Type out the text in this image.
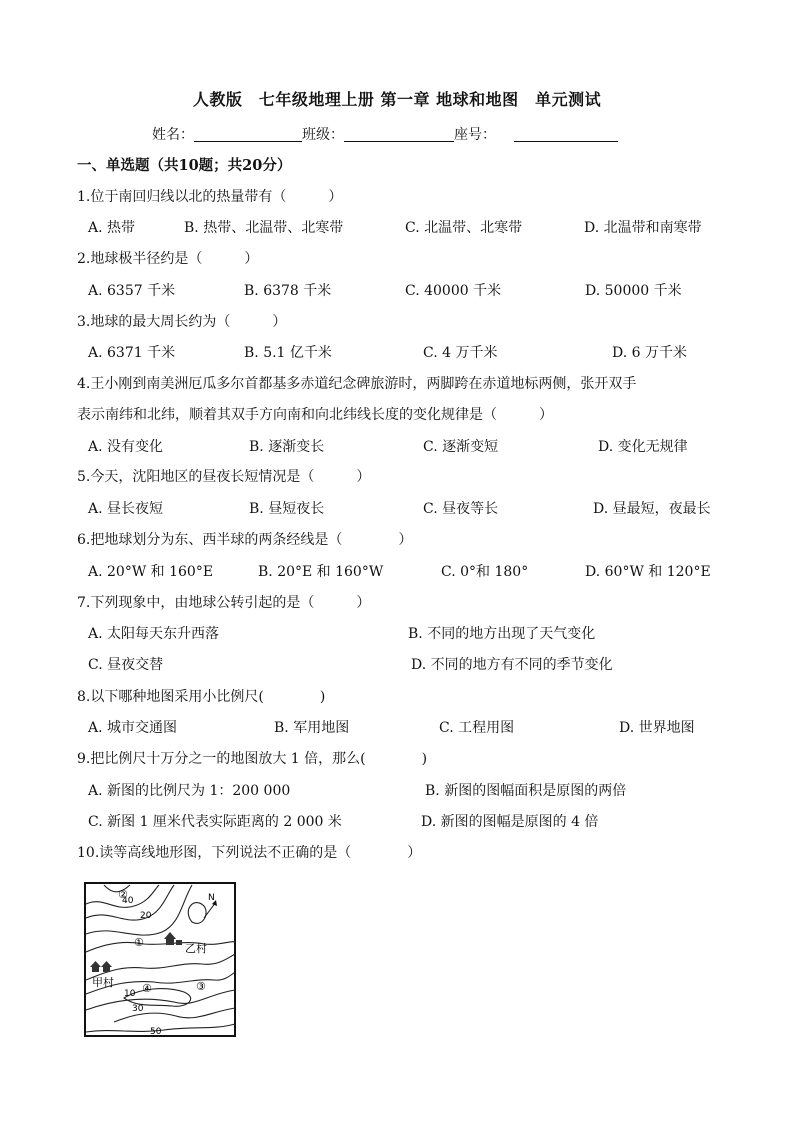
人教版　七年级地理上册 第一章 地球和地图　单元测试
姓名：	班级：	座号：
一、单选题（共10题；共20分）
1.位于南回归线以北的热量带有（　　　）
A. 热带	B. 热带、北温带、北寒带	C. 北温带、北寒带	D. 北温带和南寒带
2.地球极半径约是（　　　）
A. 6357 千米	B. 6378 千米	C. 40000 千米	D. 50000 千米
3.地球的最大周长约为（　　　）
A. 6371 千米	B. 5.1 亿千米	C. 4 万千米	D. 6 万千米
4.王小刚到南美洲厄瓜多尔首都基多赤道纪念碑旅游时，两脚跨在赤道地标两侧，张开双手
表示南纬和北纬，顺着其双手方向南和向北纬线长度的变化规律是（　　　）
A. 没有变化	B. 逐渐变长	C. 逐渐变短	D. 变化无规律
5.今天，沈阳地区的昼夜长短情况是（　　　）
A. 昼长夜短	B. 昼短夜长	C. 昼夜等长	D. 昼最短，夜最长
6.把地球划分为东、西半球的两条经线是（　　　　）
A. 20°W 和 160°E	B. 20°E 和 160°W	C. 0°和 180°	D. 60°W 和 120°E
7.下列现象中，由地球公转引起的是（　　　）
A. 太阳每天东升西落	B. 不同的地方出现了天气变化
C. 昼夜交替	D. 不同的地方有不同的季节变化
8.以下哪种地图采用小比例尺(　　　　)
A. 城市交通图	B. 军用地图	C. 工程用图	D. 世界地图
9.把比例尺十万分之一的地图放大 1 倍，那么(　　　　)
A. 新图的比例尺为 1：200 000	B. 新图的图幅面积是原图的两倍
C. 新图 1 厘米代表实际距离的 2 000 米	D. 新图的图幅是原图的 4 倍
10.读等高线地形图，下列说法不正确的是（　　　　）
40
20
10
30
50
②
①
④	③
乙村
甲村
N
